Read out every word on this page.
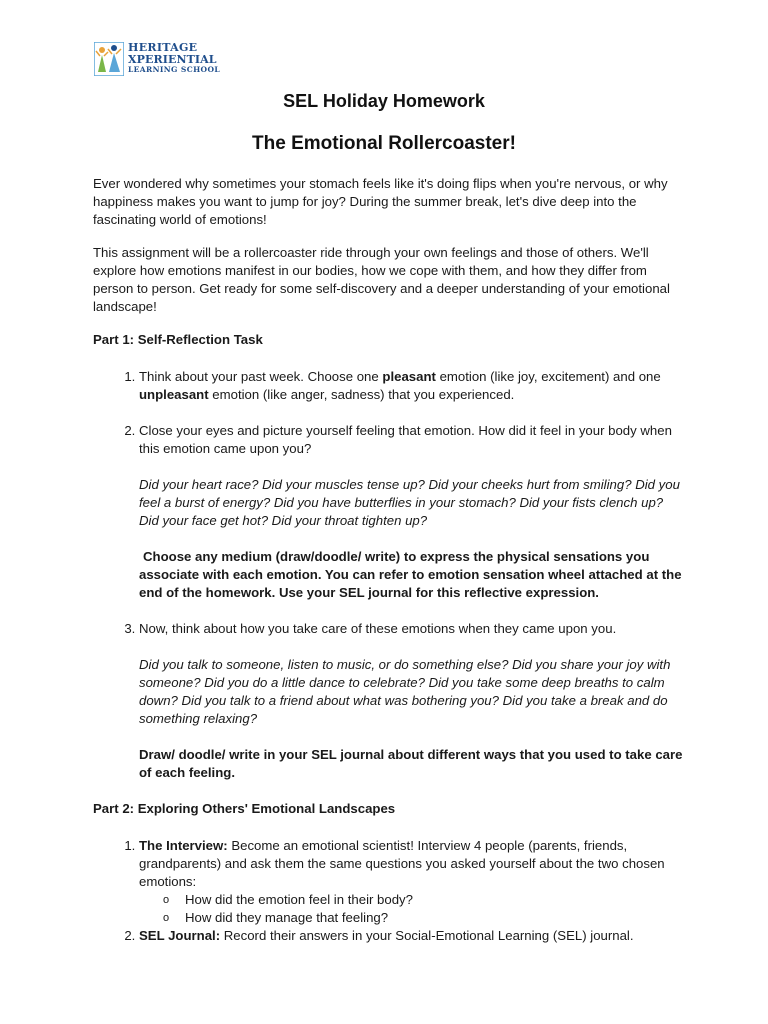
HERITAGE
XPERIENTIAL
LEARNING SCHOOL
SEL Holiday Homework
The Emotional Rollercoaster!

Ever wondered why sometimes your stomach feels like it's doing flips when you're nervous, or why happiness makes you want to jump for joy? During the summer break, let's dive deep into the fascinating world of emotions!

This assignment will be a rollercoaster ride through your own feelings and those of others. We'll explore how emotions manifest in our bodies, how we cope with them, and how they differ from person to person. Get ready for some self-discovery and a deeper understanding of your emotional landscape!

Part 1: Self-Reflection Task
1. Think about your past week. Choose one pleasant emotion (like joy, excitement) and one unpleasant emotion (like anger, sadness) that you experienced.
2. Close your eyes and picture yourself feeling that emotion. How did it feel in your body when this emotion came upon you?
Did your heart race? Did your muscles tense up? Did your cheeks hurt from smiling? Did you feel a burst of energy? Did you have butterflies in your stomach? Did your fists clench up? Did your face get hot? Did your throat tighten up?
Choose any medium (draw/doodle/ write) to express the physical sensations you associate with each emotion. You can refer to emotion sensation wheel attached at the end of the homework. Use your SEL journal for this reflective expression.
3. Now, think about how you take care of these emotions when they came upon you.
Did you talk to someone, listen to music, or do something else? Did you share your joy with someone? Did you do a little dance to celebrate? Did you take some deep breaths to calm down? Did you talk to a friend about what was bothering you? Did you take a break and do something relaxing?
Draw/ doodle/ write in your SEL journal about different ways that you used to take care of each feeling.
Part 2: Exploring Others' Emotional Landscapes
1. The Interview: Become an emotional scientist! Interview 4 people (parents, friends, grandparents) and ask them the same questions you asked yourself about the two chosen emotions:
o How did the emotion feel in their body?
o How did they manage that feeling?
2. SEL Journal: Record their answers in your Social-Emotional Learning (SEL) journal.
